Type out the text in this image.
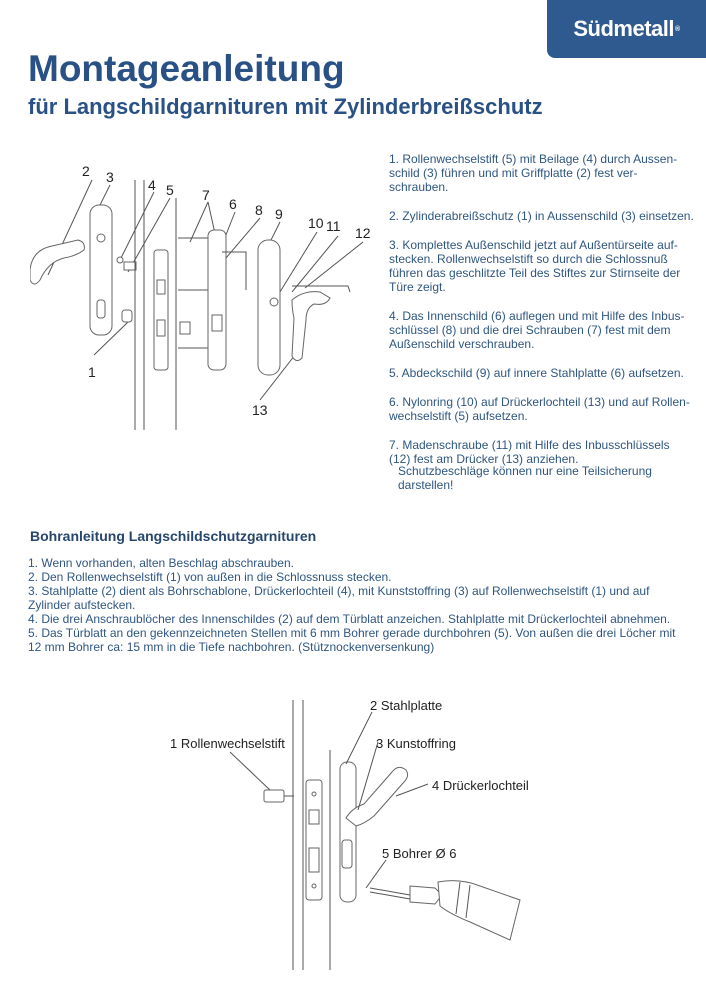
Südmetall ®
Montageanleitung
für Langschildgarnituren mit Zylinderbreißschutz
2 3 4 5 7
6 8 9
10 11 12
1
13
1. Rollenwechselstift (5) mit Beilage (4) durch Aussen-schild (3) führen und mit Griffplatte (2) fest ver-schrauben.
2. Zylinderabreißschutz (1) in Aussenschild (3) einsetzen.
3. Komplettes Außenschild jetzt auf Außentürseite auf-stecken. Rollenwechselstift so durch die Schlossnuß führen das geschlitzte Teil des Stiftes zur Stirnseite der Türe zeigt.
4. Das Innenschild (6) auflegen und mit Hilfe des Inbus-schlüssel (8) und die drei Schrauben (7) fest mit dem Außenschild verschrauben.
5. Abdeckschild (9) auf innere Stahlplatte (6) aufsetzen.
6. Nylonring (10) auf Drückerlochteil (13) und auf Rollen-wechselstift (5) aufsetzen.
7. Madenschraube (11) mit Hilfe des Inbusschlüssels (12) fest am Drücker (13) anziehen.
Schutzbeschläge können nur eine Teilsicherung darstellen!
Bohranleitung Langschildschutzgarnituren
1. Wenn vorhanden, alten Beschlag abschrauben.
2. Den Rollenwechselstift (1) von außen in die Schlossnuss stecken.
3. Stahlplatte (2) dient als Bohrschablone, Drückerlochteil (4), mit Kunststoffring (3) auf Rollenwechselstift (1) und auf Zylinder aufstecken.
4. Die drei Anschraublöcher des Innenschildes (2) auf dem Türblatt anzeichen. Stahlplatte mit Drückerlochteil abnehmen.
5. Das Türblatt an den gekennzeichneten Stellen mit 6 mm Bohrer gerade durchbohren (5). Von außen die drei Löcher mit 12 mm Bohrer ca: 15 mm in die Tiefe nachbohren. (Stütznockenversenkung)
2 Stahlplatte
1 Rollenwechselstift	3 Kunstoffring
4 Drückerlochteil
5 Bohrer Ø 6
